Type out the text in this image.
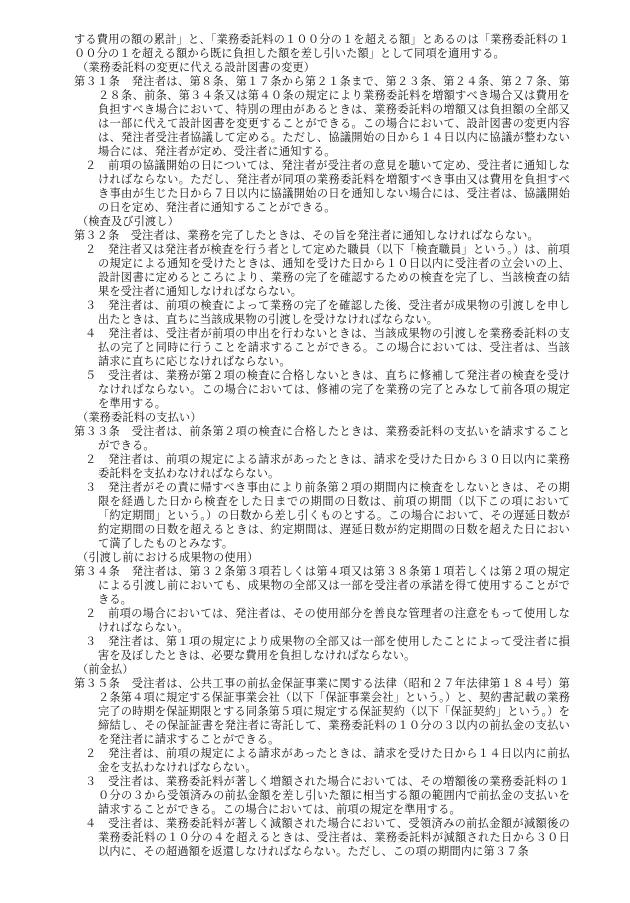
する費用の額の累計」と、「業務委託料の１００分の１を超える額」とあるのは「業務委託料の１００分の１を超える額から既に負担した額を差し引いた額」として同項を適用する。
（業務委託料の変更に代える設計図書の変更）
第３１条　発注者は、第８条、第１７条から第２１条まで、第２３条、第２４条、第２７条、第２８条、前条、第３４条又は第４０条の規定により業務委託料を増額すべき場合又は費用を負担すべき場合において、特別の理由があるときは、業務委託料の増額又は負担額の全部又は一部に代えて設計図書を変更することができる。この場合において、設計図書の変更内容は、発注者受注者協議して定める。ただし、協議開始の日から１４日以内に協議が整わない場合には、発注者が定め、受注者に通知する。
２　前項の協議開始の日については、発注者が受注者の意見を聴いて定め、受注者に通知しなければならない。ただし、発注者が同項の業務委託料を増額すべき事由又は費用を負担すべき事由が生じた日から７日以内に協議開始の日を通知しない場合には、受注者は、協議開始の日を定め、発注者に通知することができる。
（検査及び引渡し）
第３２条　受注者は、業務を完了したときは、その旨を発注者に通知しなければならない。
２　発注者又は発注者が検査を行う者として定めた職員（以下「検査職員」という。）は、前項の規定による通知を受けたときは、通知を受けた日から１０日以内に受注者の立会いの上、設計図書に定めるところにより、業務の完了を確認するための検査を完了し、当該検査の結果を受注者に通知しなければならない。
３　発注者は、前項の検査によって業務の完了を確認した後、受注者が成果物の引渡しを申し出たときは、直ちに当該成果物の引渡しを受けなければならない。
４　発注者は、受注者が前項の申出を行わないときは、当該成果物の引渡しを業務委託料の支払の完了と同時に行うことを請求することができる。この場合においては、受注者は、当該請求に直ちに応じなければならない。
５　受注者は、業務が第２項の検査に合格しないときは、直ちに修補して発注者の検査を受けなければならない。この場合においては、修補の完了を業務の完了とみなして前各項の規定を準用する。
（業務委託料の支払い）
第３３条　受注者は、前条第２項の検査に合格したときは、業務委託料の支払いを請求することができる。
２　発注者は、前項の規定による請求があったときは、請求を受けた日から３０日以内に業務委託料を支払わなければならない。
３　発注者がその責に帰すべき事由により前条第２項の期間内に検査をしないときは、その期限を経過した日から検査をした日までの期間の日数は、前項の期間（以下この項において「約定期間」という。）の日数から差し引くものとする。この場合において、その遅延日数が約定期間の日数を超えるときは、約定期間は、遅延日数が約定期間の日数を超えた日において満了したものとみなす。
（引渡し前における成果物の使用）
第３４条　発注者は、第３２条第３項若しくは第４項又は第３８条第１項若しくは第２項の規定による引渡し前においても、成果物の全部又は一部を受注者の承諾を得て使用することができる。
２　前項の場合においては、発注者は、その使用部分を善良な管理者の注意をもって使用しなければならない。
３　発注者は、第１項の規定により成果物の全部又は一部を使用したことによって受注者に損害を及ぼしたときは、必要な費用を負担しなければならない。
（前金払）
第３５条　受注者は、公共工事の前払金保証事業に関する法律（昭和２７年法律第１８４号）第２条第４項に規定する保証事業会社（以下「保証事業会社」という。）と、契約書記載の業務完了の時期を保証期限とする同条第５項に規定する保証契約（以下「保証契約」という。）を締結し、その保証証書を発注者に寄託して、業務委託料の１０分の３以内の前払金の支払いを発注者に請求することができる。
２　発注者は、前項の規定による請求があったときは、請求を受けた日から１４日以内に前払金を支払わなければならない。
３　受注者は、業務委託料が著しく増額された場合においては、その増額後の業務委託料の１０分の３から受領済みの前払金額を差し引いた額に相当する額の範囲内で前払金の支払いを請求することができる。この場合においては、前項の規定を準用する。
４　受注者は、業務委託料が著しく減額された場合において、受領済みの前払金額が減額後の業務委託料の１０分の４を超えるときは、受注者は、業務委託料が減額された日から３０日以内に、その超過額を返還しなければならない。ただし、この項の期間内に第３７条
